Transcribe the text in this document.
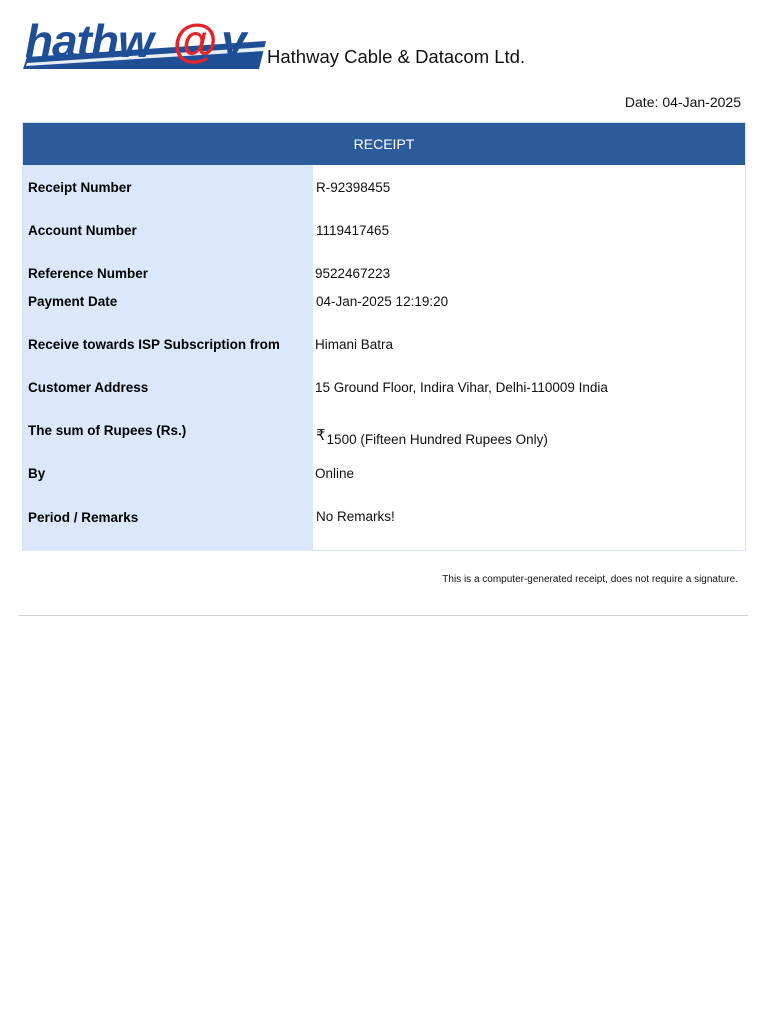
hathw @ y Hathway Cable & Datacom Ltd.
Date: 04-Jan-2025
RECEIPT
Receipt Number	R-92398455
Account Number	1119417465
Reference Number	9522467223
Payment Date	04-Jan-2025 12:19:20
Receive towards ISP Subscription from	Himani Batra
Customer Address	15 Ground Floor, Indira Vihar, Delhi-110009 India
The sum of Rupees (Rs.)	₹1500 (Fifteen Hundred Rupees Only)
By	Online
Period / Remarks	No Remarks!
This is a computer-generated receipt, does not require a signature.
